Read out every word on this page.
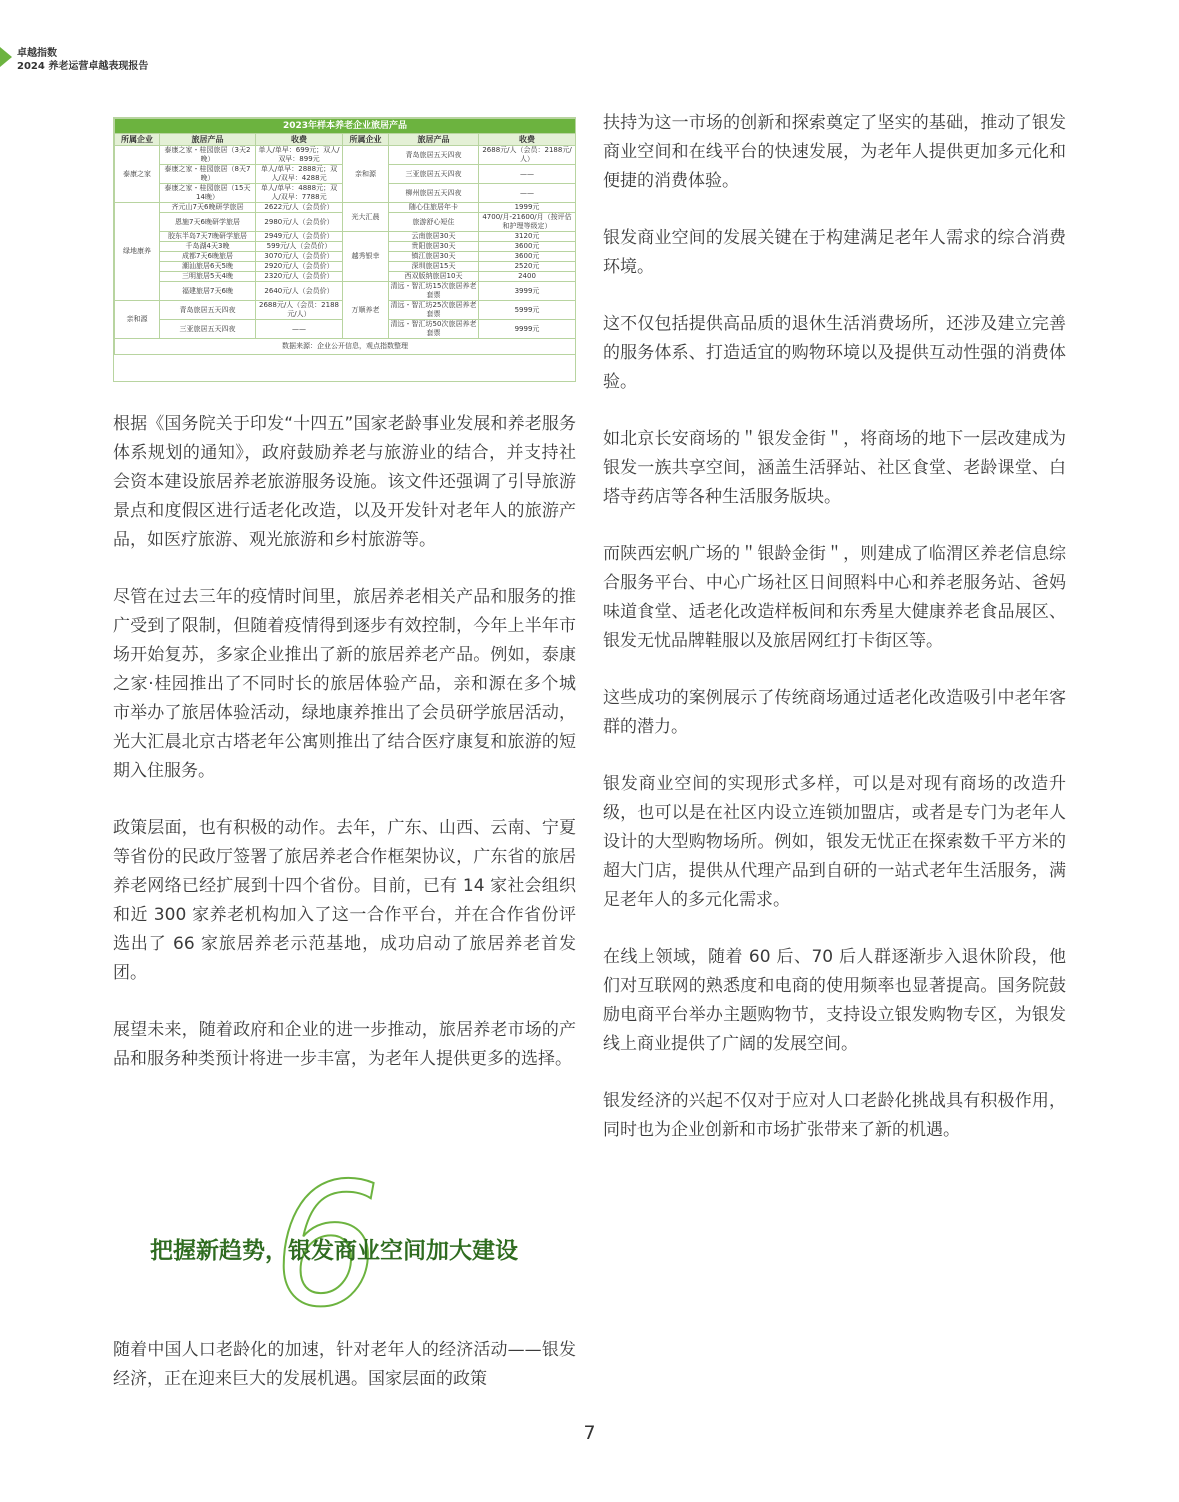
卓越指数
2024 养老运营卓越表现报告
2023年样本养老企业旅居产品					
所属企业	旅居产品	收费	所属企业	旅居产品	收费
泰康之家	泰康之家・桂园旅居（3天2晚）	单人/单早：699元；双人/双早：899元	亲和源	青岛旅居五天四夜	2688元/人（会员：2188元/人）

	泰康之家・桂园旅居（8天7晚）	单人/单早：2888元；双人/双早：4288元		三亚旅居五天四夜	——

	泰康之家・桂园旅居（15天14晚）	单人/单早：4888元；双人/双早：7788元		柳州旅居五天四夜	——

绿地康养	齐元山7天6晚研学旅居	2622元/人（会员价）	光大汇晨	随心住旅居年卡	1999元
	恩施7天6晚研学旅居	2980元/人（会员价）		旅游舒心短住	4700/月-21600/月（按评估和护理等级定）
	胶东半岛7天7晚研学旅居	2949元/人（会员价）	越秀银幸	云南旅居30天	3120元
	千岛湖4天3晚	599元/人（会员价）		贵阳旅居30天	3600元
	成都7天6晚旅居	3070元/人（会员价）		镇江旅居30天	3600元
	潮汕旅居6天5晚	2920元/人（会员价）		深圳旅居15天	2520元
	三明旅居5天4晚	2320元/人（会员价）		西双版纳旅居10天	2400
	福建旅居7天6晚	2640元/人（会员价）	万顺养老	清远・智汇坊15次旅居养老套票	3999元
亲和源	青岛旅居五天四夜	2688元/人（会员：2188元/人）		清远・智汇坊25次旅居养老套票	5999元
	三亚旅居五天四夜	——		清远・智汇坊50次旅居养老套票	9999元
数据来源：企业公开信息，观点指数整理					

根据《国务院关于印发“十四五”国家老龄事业发展和养老服务体系规划的通知》，政府鼓励养老与旅游业的结合，并支持社会资本建设旅居养老旅游服务设施。该文件还强调了引导旅游景点和度假区进行适老化改造，以及开发针对老年人的旅游产品，如医疗旅游、观光旅游和乡村旅游等。

尽管在过去三年的疫情时间里，旅居养老相关产品和服务的推广受到了限制，但随着疫情得到逐步有效控制，今年上半年市场开始复苏，多家企业推出了新的旅居养老产品。例如，泰康之家·桂园推出了不同时长的旅居体验产品，亲和源在多个城市举办了旅居体验活动，绿地康养推出了会员研学旅居活动，光大汇晨北京古塔老年公寓则推出了结合医疗康复和旅游的短期入住服务。

政策层面，也有积极的动作。去年，广东、山西、云南、宁夏等省份的民政厅签署了旅居养老合作框架协议，广东省的旅居养老网络已经扩展到十四个省份。目前，已有 14 家社会组织和近 300 家养老机构加入了这一合作平台，并在合作省份评选出了 66 家旅居养老示范基地，成功启动了旅居养老首发团。

展望未来，随着政府和企业的进一步推动，旅居养老市场的产品和服务种类预计将进一步丰富，为老年人提供更多的选择。

6
把握新趋势，银发商业空间加大建设

随着中国人口老龄化的加速，针对老年人的经济活动——银发经济，正在迎来巨大的发展机遇。国家层面的政策

扶持为这一市场的创新和探索奠定了坚实的基础，推动了银发商业空间和在线平台的快速发展，为老年人提供更加多元化和便捷的消费体验。

银发商业空间的发展关键在于构建满足老年人需求的综合消费环境。

这不仅包括提供高品质的退休生活消费场所，还涉及建立完善的服务体系、打造适宜的购物环境以及提供互动性强的消费体验。

如北京长安商场的＂银发金街＂，将商场的地下一层改建成为银发一族共享空间，涵盖生活驿站、社区食堂、老龄课堂、白塔寺药店等各种生活服务版块。

而陕西宏帆广场的＂银龄金街＂，则建成了临渭区养老信息综合服务平台、中心广场社区日间照料中心和养老服务站、爸妈味道食堂、适老化改造样板间和东秀星大健康养老食品展区、银发无忧品牌鞋服以及旅居网红打卡街区等。

这些成功的案例展示了传统商场通过适老化改造吸引中老年客群的潜力。

银发商业空间的实现形式多样，可以是对现有商场的改造升级，也可以是在社区内设立连锁加盟店，或者是专门为老年人设计的大型购物场所。例如，银发无忧正在探索数千平方米的超大门店，提供从代理产品到自研的一站式老年生活服务，满足老年人的多元化需求。

在线上领域，随着 60 后、70 后人群逐渐步入退休阶段，他们对互联网的熟悉度和电商的使用频率也显著提高。国务院鼓励电商平台举办主题购物节，支持设立银发购物专区，为银发线上商业提供了广阔的发展空间。

银发经济的兴起不仅对于应对人口老龄化挑战具有积极作用，同时也为企业创新和市场扩张带来了新的机遇。

7
